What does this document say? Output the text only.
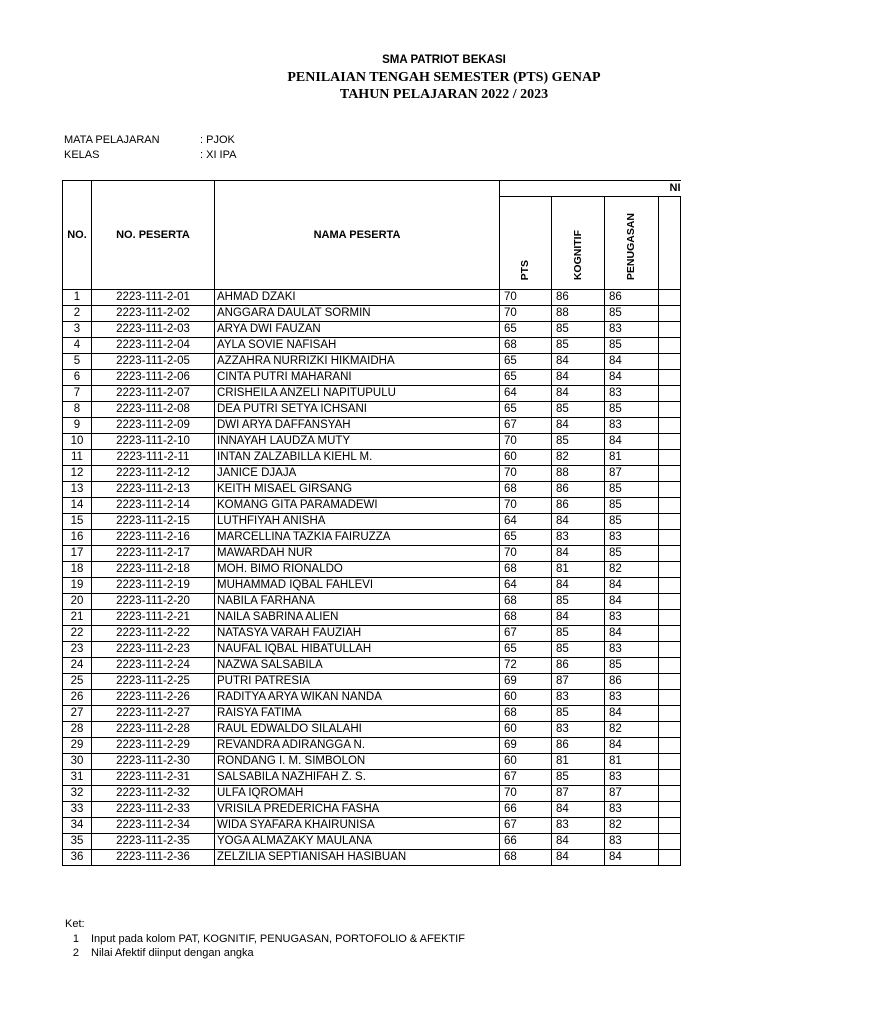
SMA PATRIOT BEKASI
PENILAIAN TENGAH SEMESTER (PTS) GENAP
TAHUN PELAJARAN 2022 / 2023
MATA PELAJARAN	: PJOK
KELAS	: XI IPA
NO.	NO. PESERTA	NAMA PESERTA	NI			
			PTS	KOGNITIF	PENUGASAN	
1	2223-111-2-01	AHMAD DZAKI	70	86	86	
2	2223-111-2-02	ANGGARA DAULAT SORMIN	70	88	85	
3	2223-111-2-03	ARYA DWI FAUZAN	65	85	83	
4	2223-111-2-04	AYLA SOVIE NAFISAH	68	85	85	
5	2223-111-2-05	AZZAHRA NURRIZKI HIKMAIDHA	65	84	84	
6	2223-111-2-06	CINTA PUTRI MAHARANI	65	84	84	
7	2223-111-2-07	CRISHEILA ANZELI NAPITUPULU	64	84	83	
8	2223-111-2-08	DEA PUTRI SETYA ICHSANI	65	85	85	
9	2223-111-2-09	DWI ARYA DAFFANSYAH	67	84	83	
10	2223-111-2-10	INNAYAH LAUDZA MUTY	70	85	84	
11	2223-111-2-11	INTAN ZALZABILLA KIEHL M.	60	82	81	
12	2223-111-2-12	JANICE DJAJA	70	88	87	
13	2223-111-2-13	KEITH MISAEL GIRSANG	68	86	85	
14	2223-111-2-14	KOMANG GITA PARAMADEWI	70	86	85	
15	2223-111-2-15	LUTHFIYAH ANISHA	64	84	85	
16	2223-111-2-16	MARCELLINA TAZKIA FAIRUZZA	65	83	83	
17	2223-111-2-17	MAWARDAH NUR	70	84	85	
18	2223-111-2-18	MOH. BIMO RIONALDO	68	81	82	
19	2223-111-2-19	MUHAMMAD IQBAL FAHLEVI	64	84	84	
20	2223-111-2-20	NABILA FARHANA	68	85	84	
21	2223-111-2-21	NAILA SABRINA ALIEN	68	84	83	
22	2223-111-2-22	NATASYA VARAH FAUZIAH	67	85	84	
23	2223-111-2-23	NAUFAL IQBAL HIBATULLAH	65	85	83	
24	2223-111-2-24	NAZWA SALSABILA	72	86	85	
25	2223-111-2-25	PUTRI PATRESIA	69	87	86	
26	2223-111-2-26	RADITYA ARYA WIKAN NANDA	60	83	83	
27	2223-111-2-27	RAISYA FATIMA	68	85	84	
28	2223-111-2-28	RAUL EDWALDO SILALAHI	60	83	82	
29	2223-111-2-29	REVANDRA ADIRANGGA N.	69	86	84	
30	2223-111-2-30	RONDANG I. M. SIMBOLON	60	81	81	
31	2223-111-2-31	SALSABILA NAZHIFAH Z. S.	67	85	83	
32	2223-111-2-32	ULFA IQROMAH	70	87	87	
33	2223-111-2-33	VRISILA PREDERICHA FASHA	66	84	83	
34	2223-111-2-34	WIDA SYAFARA KHAIRUNISA	67	83	82	
35	2223-111-2-35	YOGA ALMAZAKY MAULANA	66	84	83	
36	2223-111-2-36	ZELZILIA SEPTIANISAH HASIBUAN	68	84	84	
Ket:
1 Input pada kolom PAT, KOGNITIF, PENUGASAN, PORTOFOLIO & AFEKTIF
2 Nilai Afektif diinput dengan angka
